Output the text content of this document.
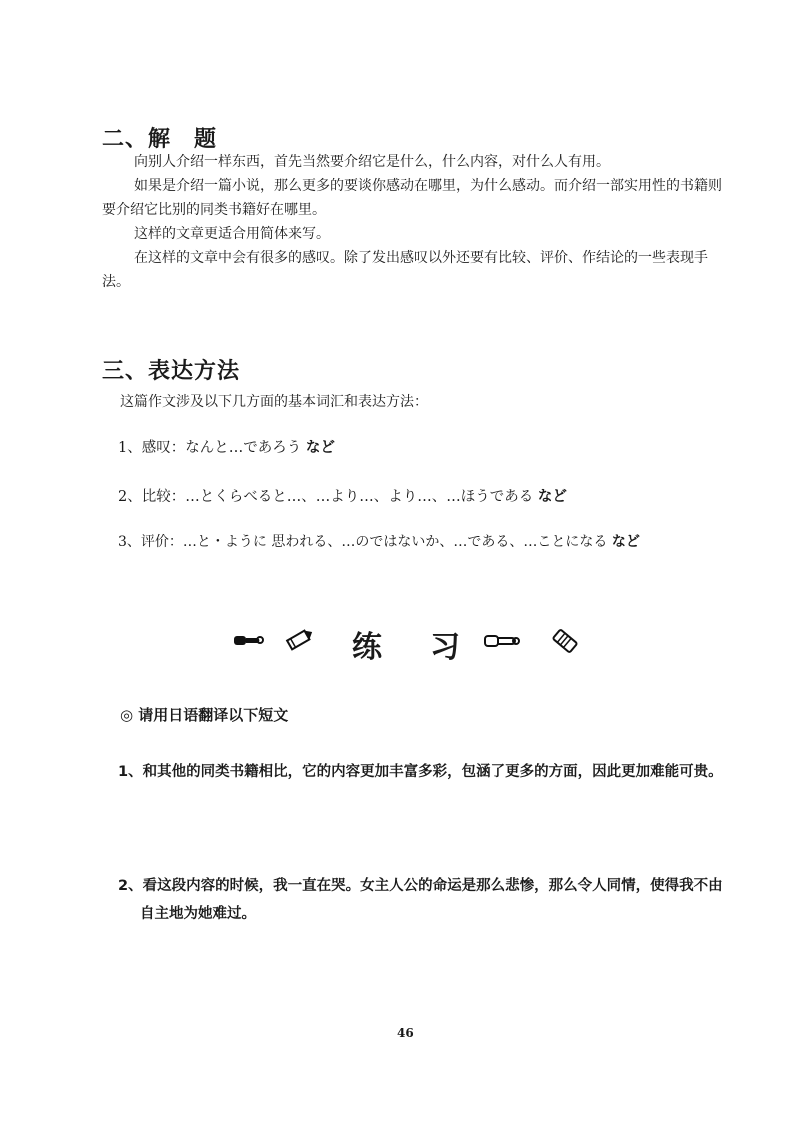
二、解　题
向别人介绍一样东西，首先当然要介绍它是什么，什么内容，对什么人有用。
如果是介绍一篇小说，那么更多的要谈你感动在哪里，为什么感动。而介绍一部实用性的书籍则要介绍它比别的同类书籍好在哪里。
这样的文章更适合用简体来写。
在这样的文章中会有很多的感叹。除了发出感叹以外还要有比较、评价、作结论的一些表现手法。
三、表达方法
这篇作文涉及以下几方面的基本词汇和表达方法：
1、感叹：なんと…であろう など
2、比较：…とくらべると…、…より…、より…、…ほうである など
3、评价：…と・ように 思われる、…のではないか、…である、…ことになる など
练 习
◎ 请用日语翻译以下短文
1、和其他的同类书籍相比，它的内容更加丰富多彩，包涵了更多的方面，因此更加难能可贵。
2、看这段内容的时候，我一直在哭。女主人公的命运是那么悲惨，那么令人同情，使得我不由自主地为她难过。
46
